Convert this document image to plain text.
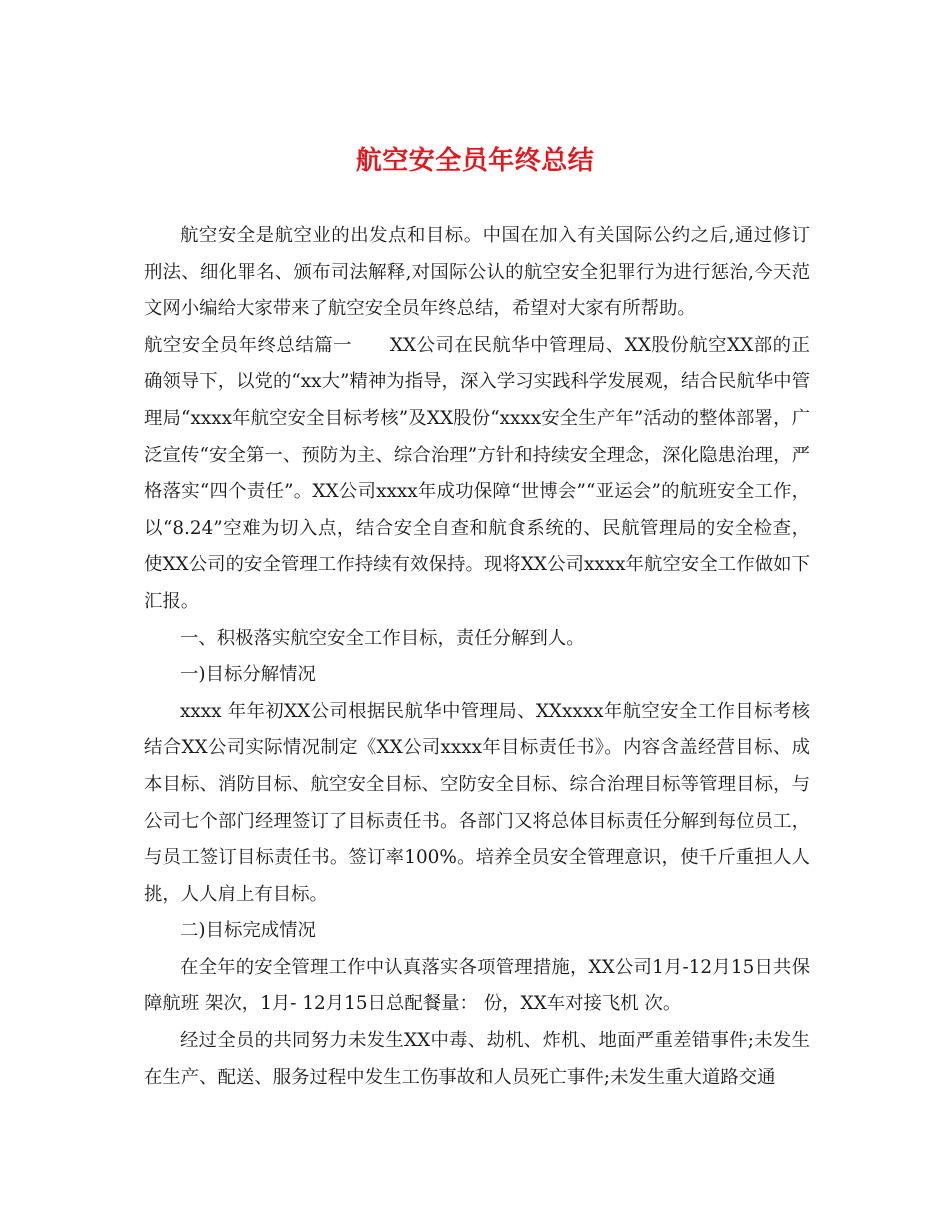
航空安全员年终总结

航空安全是航空业的出发点和目标。中国在加入有关国际公约之后,通过修订刑法、细化罪名、颁布司法解释,对国际公认的航空安全犯罪行为进行惩治,今天范文网小编给大家带来了航空安全员年终总结，希望对大家有所帮助。

航空安全员年终总结篇一　　XX公司在民航华中管理局、XX股份航空XX部的正确领导下，以党的“xx大”精神为指导，深入学习实践科学发展观，结合民航华中管理局“xxxx年航空安全目标考核”及XX股份“xxxx安全生产年”活动的整体部署，广泛宣传“安全第一、预防为主、综合治理”方针和持续安全理念，深化隐患治理，严格落实“四个责任”。XX公司xxxx年成功保障“世博会”“亚运会”的航班安全工作，以“8.24”空难为切入点，结合安全自查和航食系统的、民航管理局的安全检查，使XX公司的安全管理工作持续有效保持。现将XX公司xxxx年航空安全工作做如下汇报。

一、积极落实航空安全工作目标，责任分解到人。

一)目标分解情况

xxxx 年年初XX公司根据民航华中管理局、XXxxxx年航空安全工作目标考核结合XX公司实际情况制定《XX公司xxxx年目标责任书》。内容含盖经营目标、成本目标、消防目标、航空安全目标、空防安全目标、综合治理目标等管理目标，与公司七个部门经理签订了目标责任书。各部门又将总体目标责任分解到每位员工，与员工签订目标责任书。签订率100%。培养全员安全管理意识，使千斤重担人人挑，人人肩上有目标。

二)目标完成情况

在全年的安全管理工作中认真落实各项管理措施，XX公司1月-12月15日共保障航班 架次，1月- 12月15日总配餐量： 份，XX车对接飞机 次。

经过全员的共同努力未发生XX中毒、劫机、炸机、地面严重差错事件;未发生在生产、配送、服务过程中发生工伤事故和人员死亡事件;未发生重大道路交通
